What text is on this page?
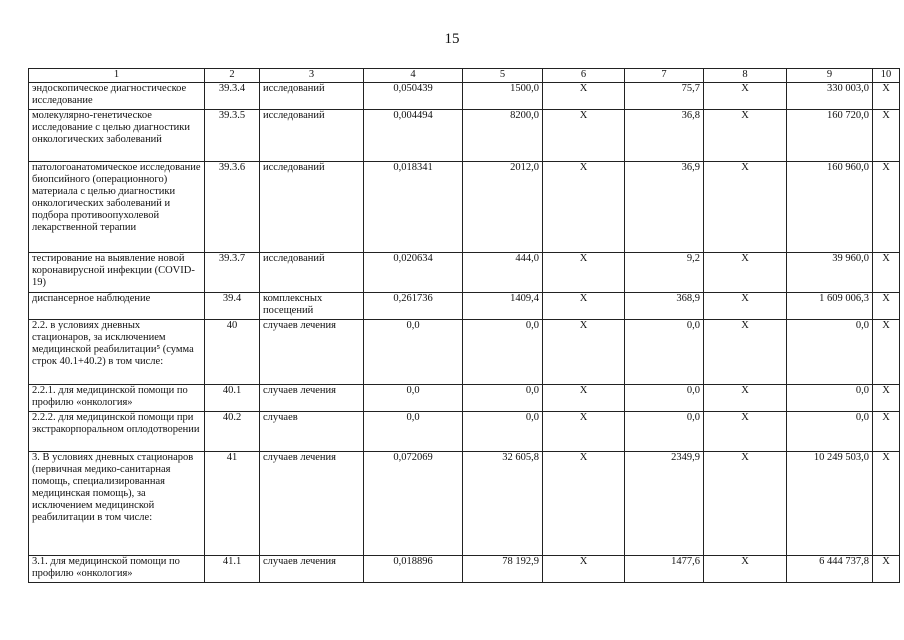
15
1	2	3	4	5	6	7	8	9	10
эндоскопическое диагностическое исследование	39.3.4	исследований	0,050439	1500,0	X	75,7	X	330 003,0	X
молекулярно-генетическое исследование с целью диагностики онкологических заболеваний	39.3.5	исследований	0,004494	8200,0	X	36,8	X	160 720,0	X
патологоанатомическое исследование биопсийного (операционного) материала с целью диагностики онкологических заболеваний и подбора противоопухолевой лекарственной терапии	39.3.6	исследований	0,018341	2012,0	X	36,9	X	160 960,0	X
тестирование на выявление новой коронавирусной инфекции (COVID-19)	39.3.7	исследований	0,020634	444,0	X	9,2	X	39 960,0	X
диспансерное наблюдение	39.4	комплексных посещений	0,261736	1409,4	X	368,9	X	1 609 006,3	X
2.2. в условиях дневных стационаров, за исключением медицинской реабилитации⁵ (сумма строк 40.1+40.2) в том числе:	40	случаев лечения	0,0	0,0	X	0,0	X	0,0	X
2.2.1. для медицинской помощи по профилю «онкология»	40.1	случаев лечения	0,0	0,0	X	0,0	X	0,0	X
2.2.2. для медицинской помощи при экстракорпоральном оплодотворении	40.2	случаев	0,0	0,0	X	0,0	X	0,0	X
3. В условиях дневных стационаров (первичная медико-санитарная помощь, специализированная медицинская помощь), за исключением медицинской реабилитации в том числе:	41	случаев лечения	0,072069	32 605,8	X	2349,9	X	10 249 503,0	X
3.1. для медицинской помощи по профилю «онкология»	41.1	случаев лечения	0,018896	78 192,9	X	1477,6	X	6 444 737,8	X
